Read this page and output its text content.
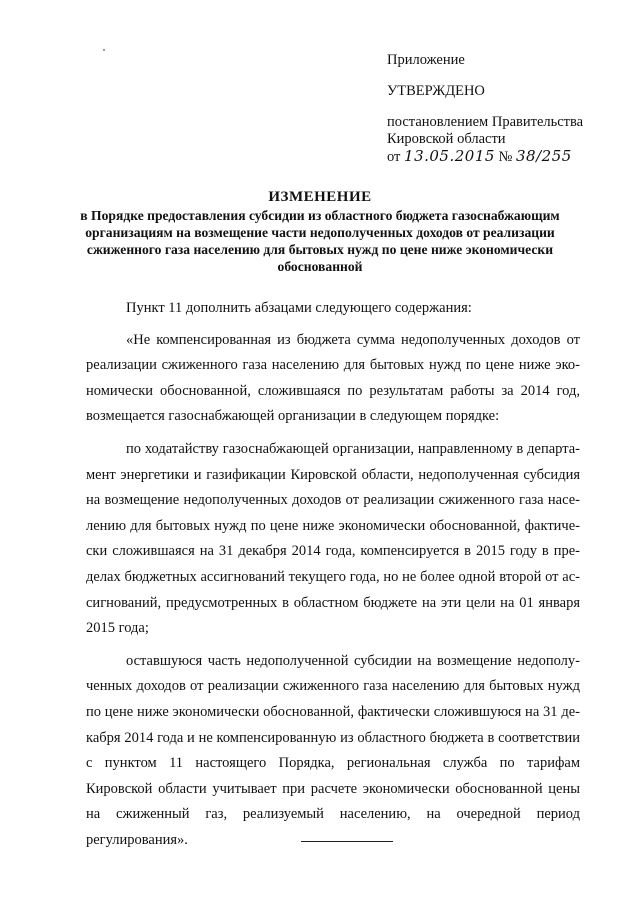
Приложение
УТВЕРЖДЕНО
постановлением Правительства
Кировской области
от 13.05.2015 № 38/255
ИЗМЕНЕНИЕ
в Порядке предоставления субсидии из областного бюджета газоснабжающим организациям на возмещение части недополученных доходов от реализации сжиженного газа населению для бытовых нужд по цене ниже экономически обоснованной

Пункт 11 дополнить абзацами следующего содержания:

«Не компенсированная из бюджета сумма недополученных доходов от реализации сжиженного газа населению для бытовых нужд по цене ниже экономически обоснованной, сложившаяся по результатам работы за 2014 год, возмещается газоснабжающей организации в следующем порядке:

по ходатайству газоснабжающей организации, направленному в департамент энергетики и газификации Кировской области, недополученная субсидия на возмещение недополученных доходов от реализации сжиженного газа населению для бытовых нужд по цене ниже экономически обоснованной, фактически сложившаяся на 31 декабря 2014 года, компенсируется в 2015 году в пределах бюджетных ассигнований текущего года, но не более одной второй от ассигнований, предусмотренных в областном бюджете на эти цели на 01 января 2015 года;

оставшуюся часть недополученной субсидии на возмещение недополученных доходов от реализации сжиженного газа населению для бытовых нужд по цене ниже экономически обоснованной, фактически сложившуюся на 31 декабря 2014 года и не компенсированную из областного бюджета в соответствии с пунктом 11 настоящего Порядка, региональная служба по тарифам Кировской области учитывает при расчете экономически обоснованной цены на сжиженный газ, реализуемый населению, на очередной период регулирования».
